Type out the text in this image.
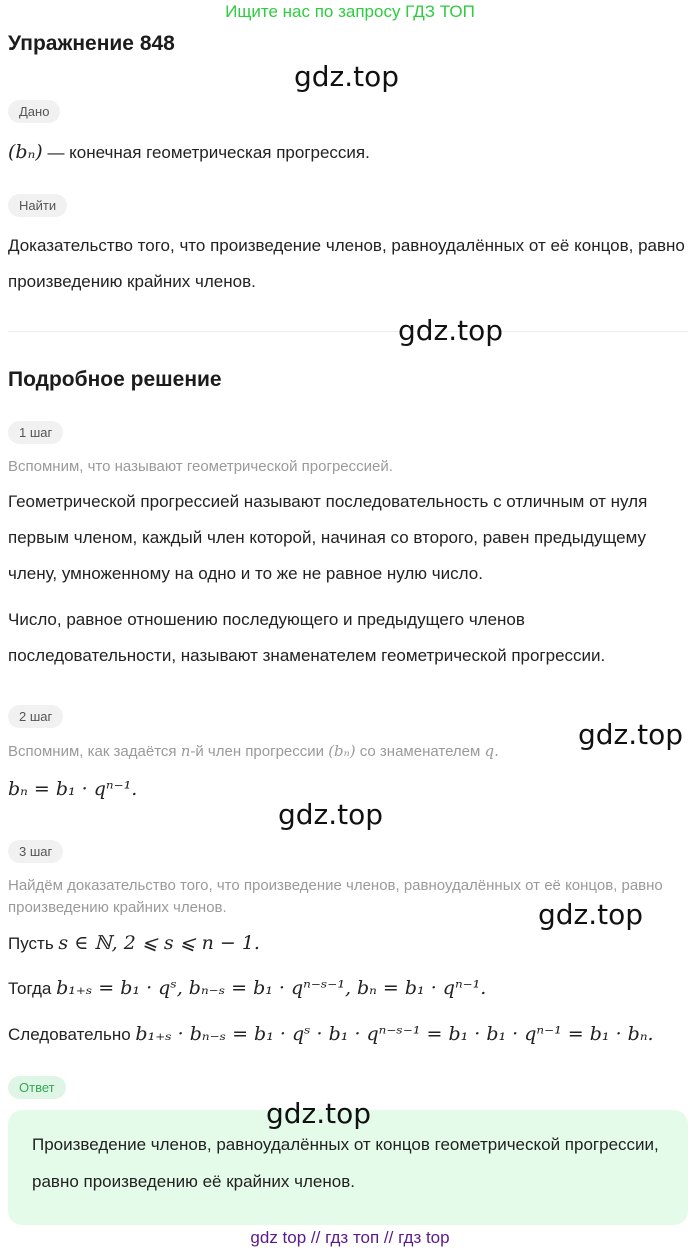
Ищите нас по запросу ГДЗ ТОП
Упражнение 848
gdz.top
Дано
(bₙ) — конечная геометрическая прогрессия.
Найти
Доказательство того, что произведение членов, равноудалённых от её концов, равно произведению крайних членов.
gdz.top
Подробное решение
1 шаг
Вспомним, что называют геометрической прогрессией.
Геометрической прогрессией называют последовательность с отличным от нуля первым членом, каждый член которой, начиная со второго, равен предыдущему члену, умноженному на одно и то же не равное нулю число.
Число, равное отношению последующего и предыдущего членов последовательности, называют знаменателем геометрической прогрессии.
2 шаг
gdz.top
Вспомним, как задаётся n-й член прогрессии (bₙ) со знаменателем q.
bₙ = b₁ · qⁿ⁻¹.
gdz.top
3 шаг
Найдём доказательство того, что произведение членов, равноудалённых от её концов, равно произведению крайних членов.	gdz.top
Пусть s ∈ ℕ, 2 ⩽ s ⩽ n − 1.
Тогда b₁₊ₛ = b₁ · qˢ, bₙ₋ₛ = b₁ · qⁿ⁻ˢ⁻¹, bₙ = b₁ · qⁿ⁻¹.
Следовательно b₁₊ₛ · bₙ₋ₛ = b₁ · qˢ · b₁ · qⁿ⁻ˢ⁻¹ = b₁ · b₁ · qⁿ⁻¹ = b₁ · bₙ.
Ответ
Произведение членов, равноудалённых от концов геометрической прогрессии, равно произведению её крайних членов.
gdz.top
gdz top // гдз топ // гдз top
